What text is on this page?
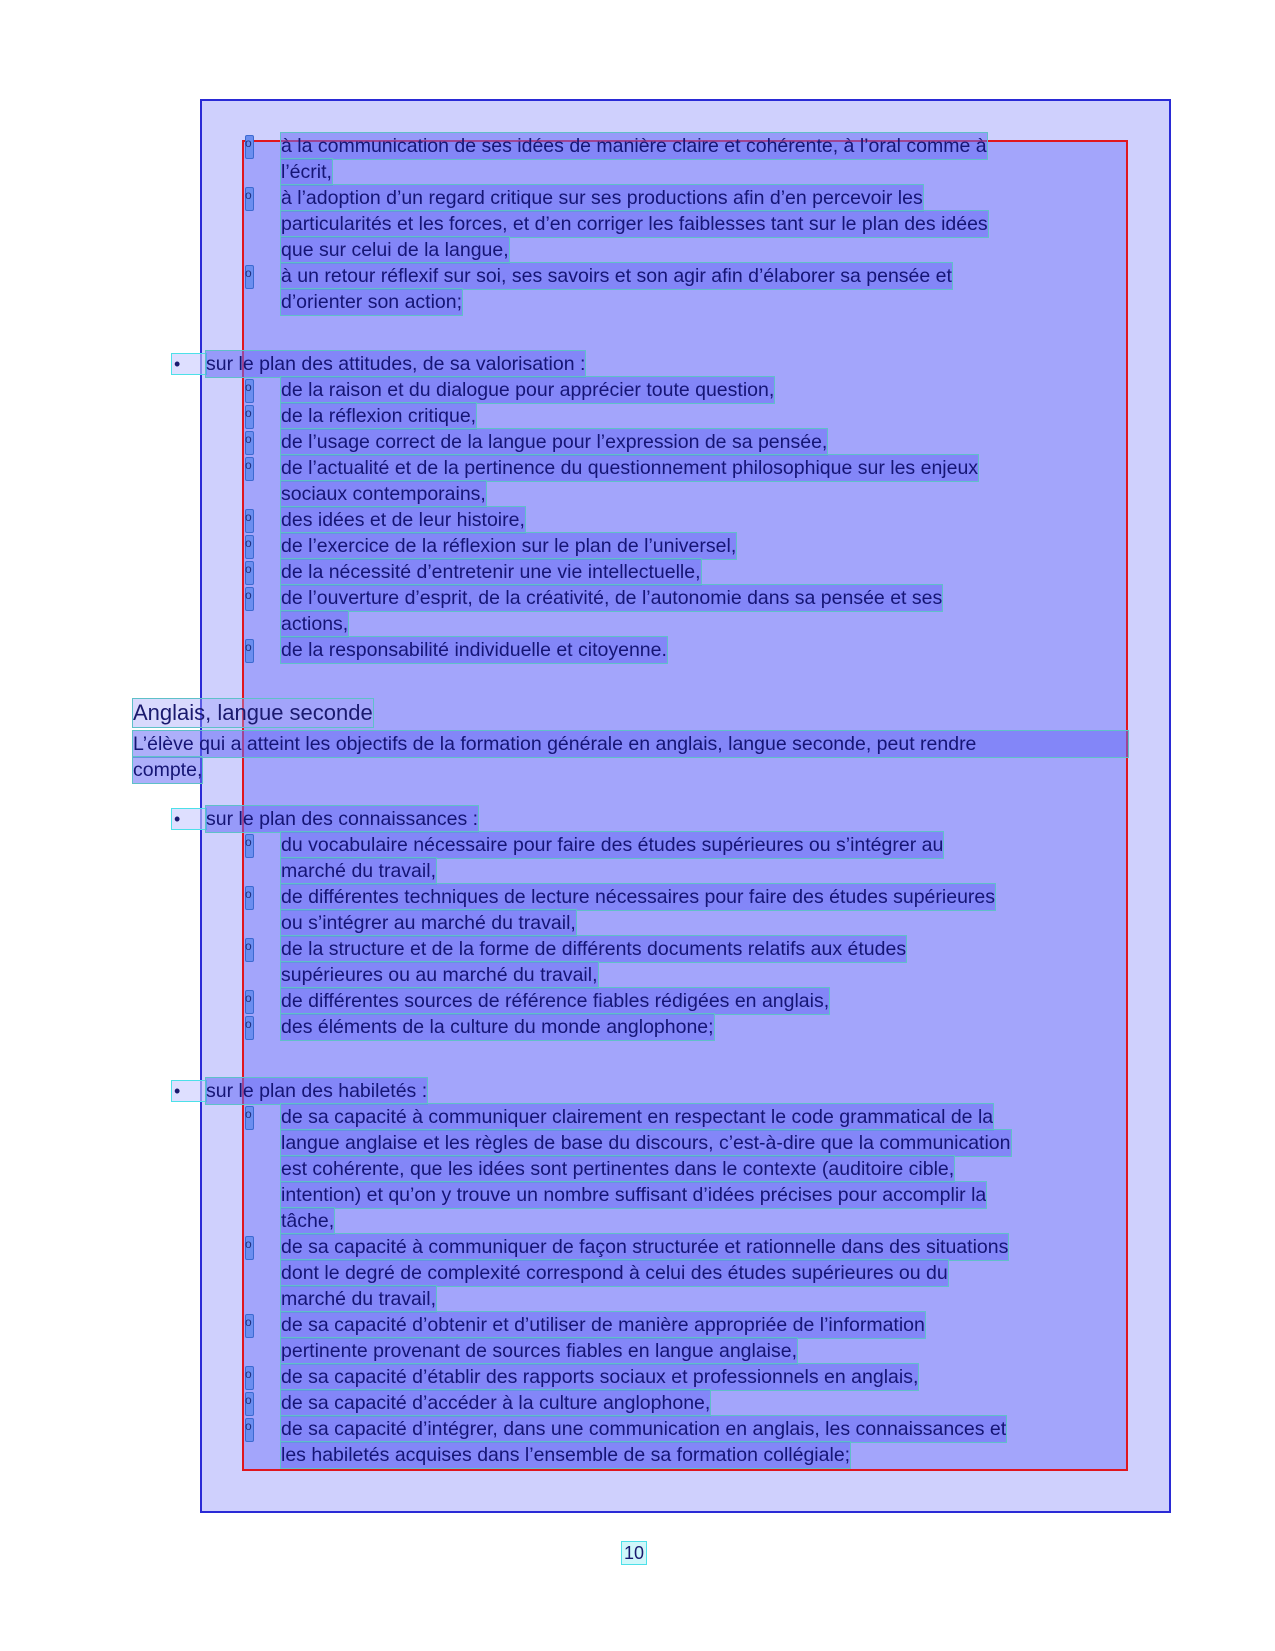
• sur le plan des attitudes, de sa valorisation :
Anglais, langue seconde
L’élève qui a atteint les objectifs de la formation générale en anglais, langue seconde, peut rendre
compte,
• sur le plan des connaissances :
• sur le plan des habiletés :
10
o à la communication de ses idées de manière claire et cohérente, à l’oral comme à
l’écrit,
o à l’adoption d’un regard critique sur ses productions afin d’en percevoir les
particularités et les forces, et d’en corriger les faiblesses tant sur le plan des idées
que sur celui de la langue,
o à un retour réflexif sur soi, ses savoirs et son agir afin d’élaborer sa pensée et
d’orienter son action;
o de la raison et du dialogue pour apprécier toute question,
o de la réflexion critique,
o de l’usage correct de la langue pour l’expression de sa pensée,
o de l’actualité et de la pertinence du questionnement philosophique sur les enjeux
sociaux contemporains,
o des idées et de leur histoire,
o de l’exercice de la réflexion sur le plan de l’universel,
o de la nécessité d’entretenir une vie intellectuelle,
o de l’ouverture d’esprit, de la créativité, de l’autonomie dans sa pensée et ses
actions,
o de la responsabilité individuelle et citoyenne.
o du vocabulaire nécessaire pour faire des études supérieures ou s’intégrer au
marché du travail,
o de différentes techniques de lecture nécessaires pour faire des études supérieures
ou s’intégrer au marché du travail,
o de la structure et de la forme de différents documents relatifs aux études
supérieures ou au marché du travail,
o de différentes sources de référence fiables rédigées en anglais,
o des éléments de la culture du monde anglophone;
o de sa capacité à communiquer clairement en respectant le code grammatical de la
langue anglaise et les règles de base du discours, c’est-à-dire que la communication
est cohérente, que les idées sont pertinentes dans le contexte (auditoire cible,
intention) et qu’on y trouve un nombre suffisant d’idées précises pour accomplir la
tâche,
o de sa capacité à communiquer de façon structurée et rationnelle dans des situations
dont le degré de complexité correspond à celui des études supérieures ou du
marché du travail,
o de sa capacité d’obtenir et d’utiliser de manière appropriée de l’information
pertinente provenant de sources fiables en langue anglaise,
o de sa capacité d’établir des rapports sociaux et professionnels en anglais,
o de sa capacité d’accéder à la culture anglophone,
o de sa capacité d’intégrer, dans une communication en anglais, les connaissances et
les habiletés acquises dans l’ensemble de sa formation collégiale;
